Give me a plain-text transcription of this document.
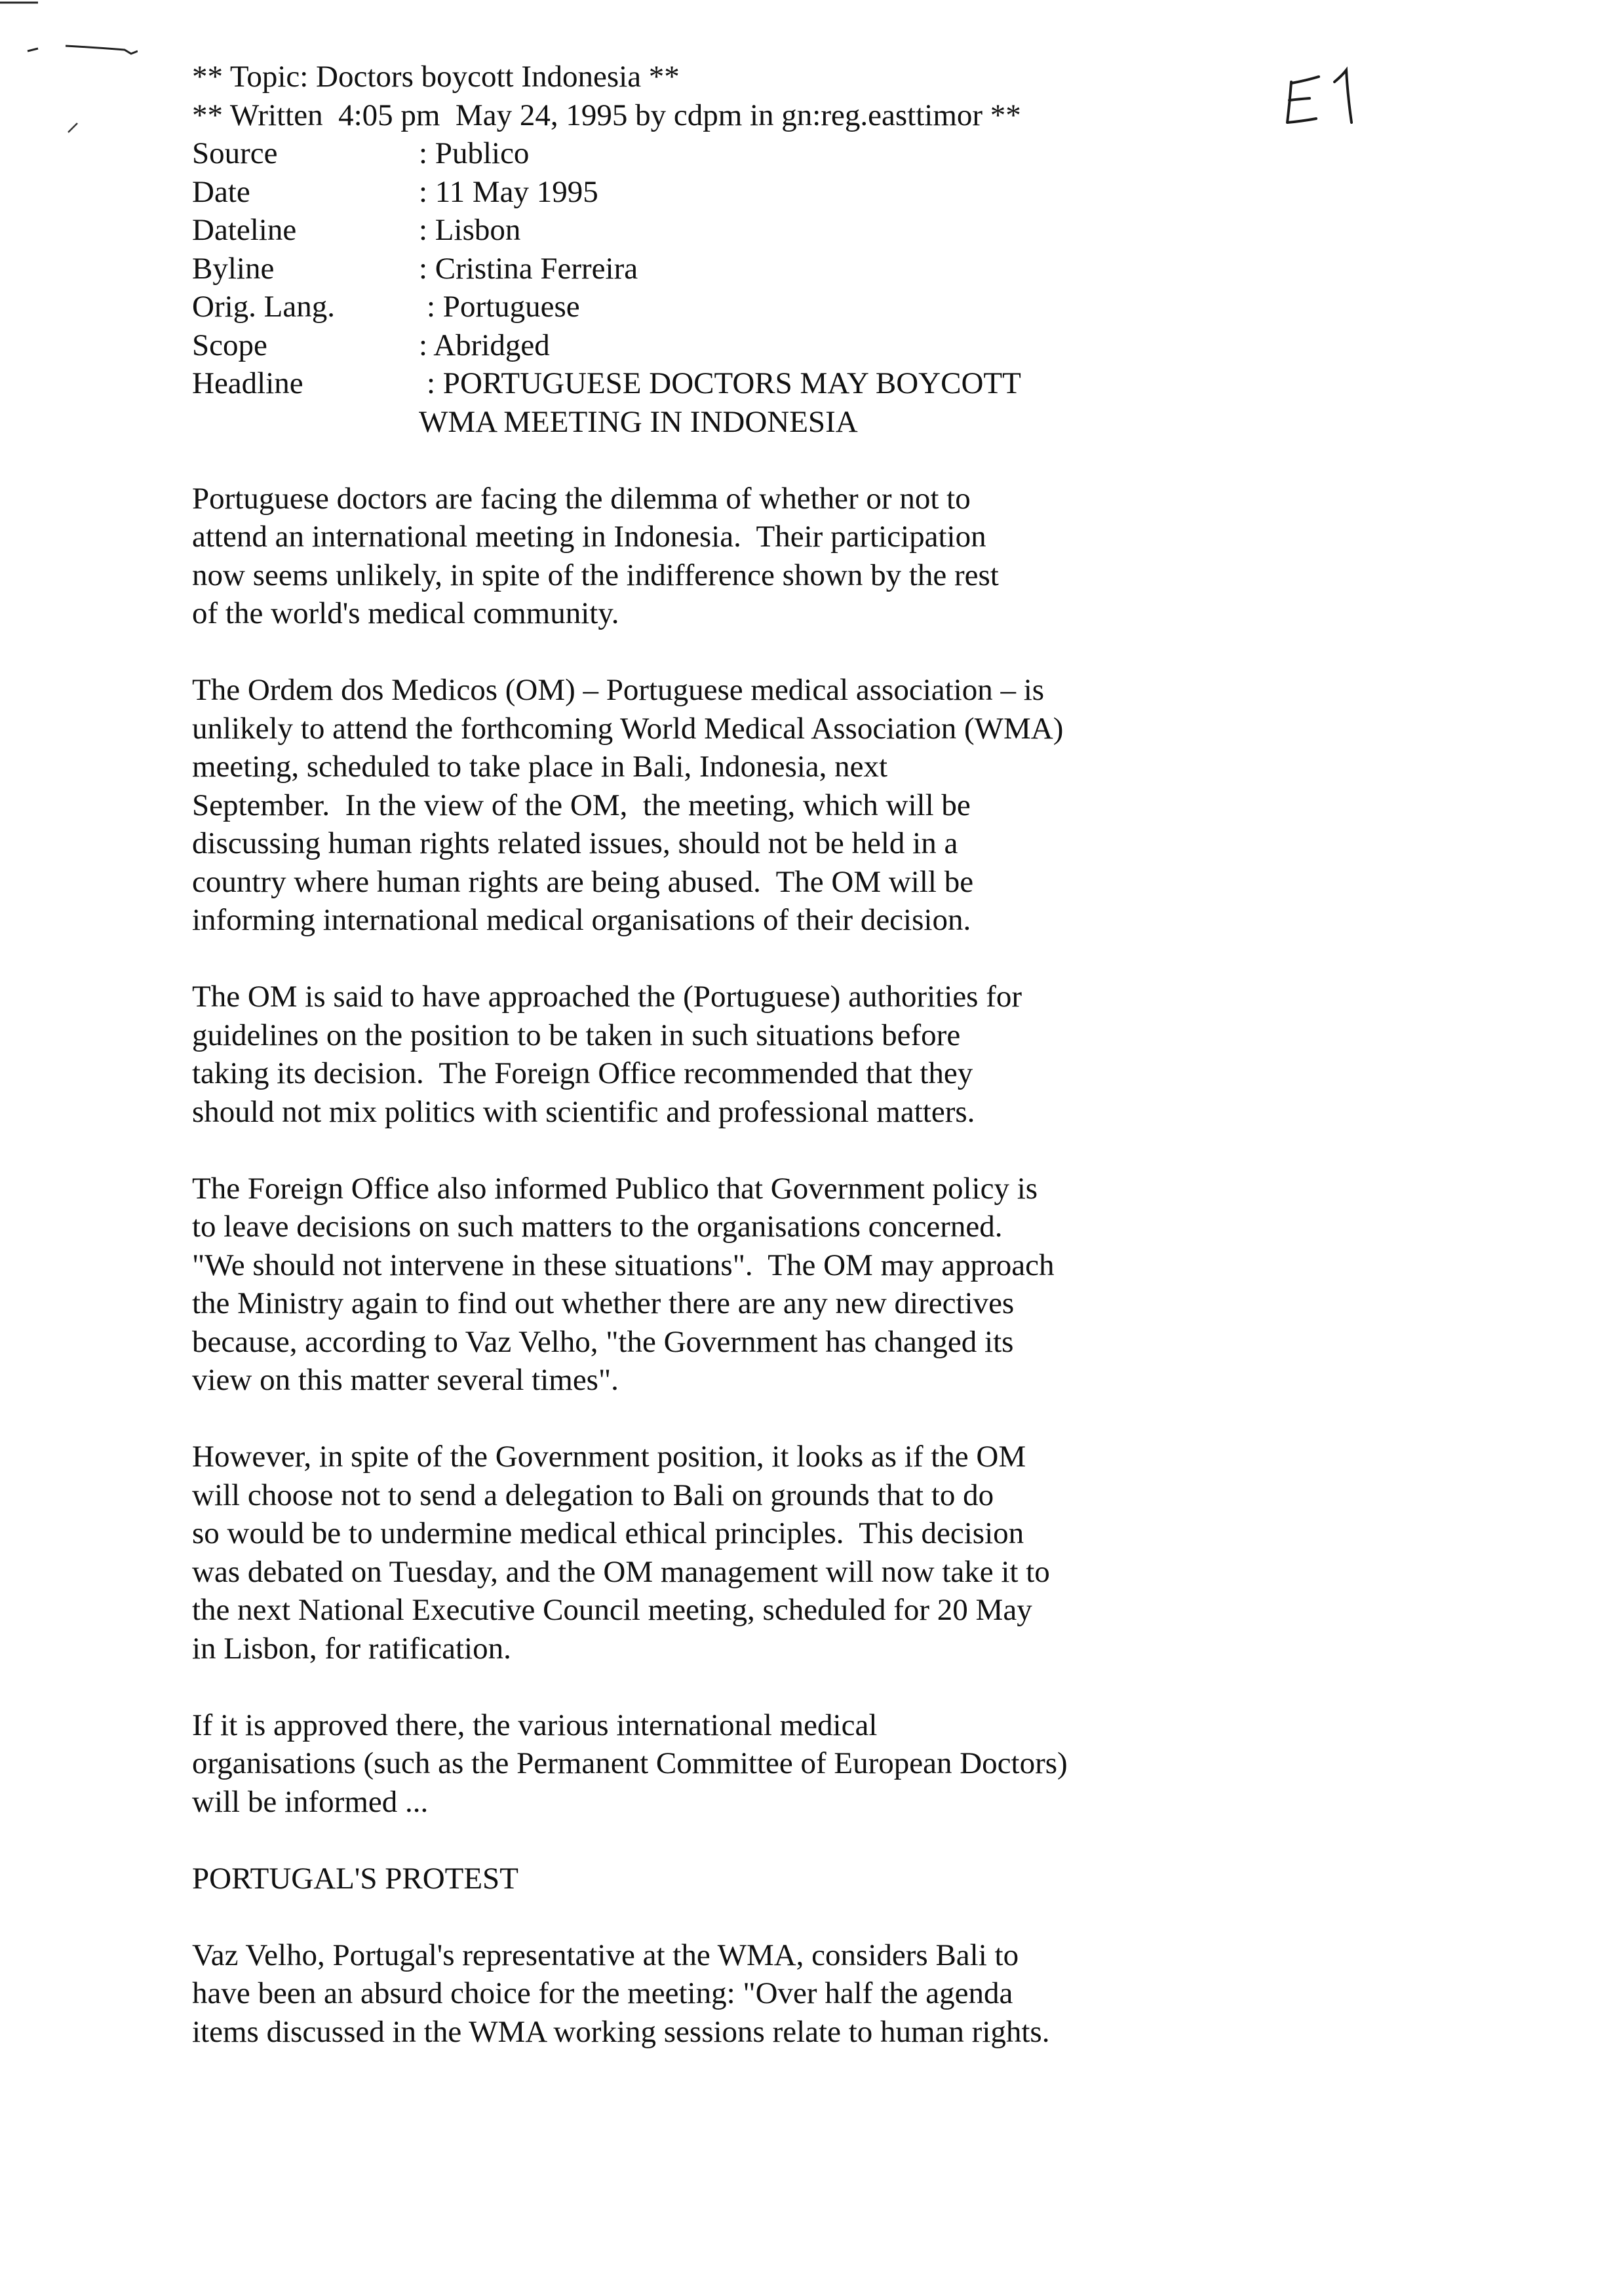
** Topic: Doctors boycott Indonesia **
** Written  4:05 pm  May 24, 1995 by cdpm in gn:reg.easttimor **
Source	: Publico
Date	: 11 May 1995
Dateline	: Lisbon
Byline	: Cristina Ferreira
Orig. Lang.	: Portuguese
Scope	: Abridged
Headline	: PORTUGUESE DOCTORS MAY BOYCOTT
WMA MEETING IN INDONESIA
Portuguese doctors are facing the dilemma of whether or not to
attend an international meeting in Indonesia.  Their participation
now seems unlikely, in spite of the indifference shown by the rest
of the world's medical community.
The Ordem dos Medicos (OM) – Portuguese medical association – is
unlikely to attend the forthcoming World Medical Association (WMA)
meeting, scheduled to take place in Bali, Indonesia, next
September.  In the view of the OM,  the meeting, which will be
discussing human rights related issues, should not be held in a
country where human rights are being abused.  The OM will be
informing international medical organisations of their decision.
The OM is said to have approached the (Portuguese) authorities for
guidelines on the position to be taken in such situations before
taking its decision.  The Foreign Office recommended that they
should not mix politics with scientific and professional matters.
The Foreign Office also informed Publico that Government policy is
to leave decisions on such matters to the organisations concerned.
"We should not intervene in these situations".  The OM may approach
the Ministry again to find out whether there are any new directives
because, according to Vaz Velho, "the Government has changed its
view on this matter several times".
However, in spite of the Government position, it looks as if the OM
will choose not to send a delegation to Bali on grounds that to do
so would be to undermine medical ethical principles.  This decision
was debated on Tuesday, and the OM management will now take it to
the next National Executive Council meeting, scheduled for 20 May
in Lisbon, for ratification.
If it is approved there, the various international medical
organisations (such as the Permanent Committee of European Doctors)
will be informed ...
PORTUGAL'S PROTEST
Vaz Velho, Portugal's representative at the WMA, considers Bali to
have been an absurd choice for the meeting: "Over half the agenda
items discussed in the WMA working sessions relate to human rights.
